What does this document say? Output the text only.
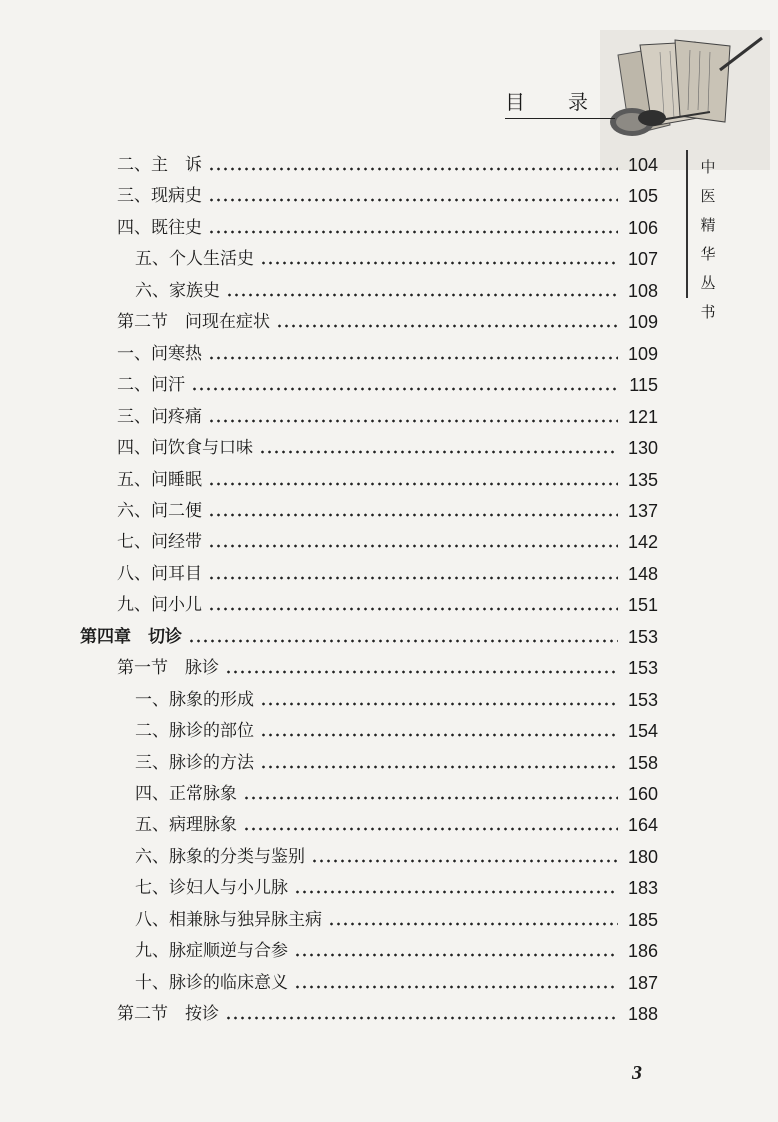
目 录
中
医
精
华
丛
书
二、主　诉	104
三、现病史	105
四、既往史	106
五、个人生活史	107
六、家族史	108
第二节　问现在症状	109
一、问寒热	109
二、问汗	115
三、问疼痛	121
四、问饮食与口味	130
五、问睡眠	135
六、问二便	137
七、问经带	142
八、问耳目	148
九、问小儿	151
第四章　切诊	153
第一节　脉诊	153
一、脉象的形成	153
二、脉诊的部位	154
三、脉诊的方法	158
四、正常脉象	160
五、病理脉象	164
六、脉象的分类与鉴别	180
七、诊妇人与小儿脉	183
八、相兼脉与独异脉主病	185
九、脉症顺逆与合参	186
十、脉诊的临床意义	187
第二节　按诊	188
3
